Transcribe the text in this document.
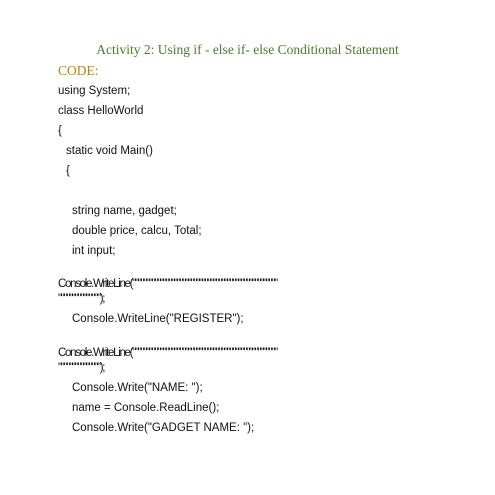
Activity 2: Using if - else if- else Conditional Statement
CODE:
using System;
class HelloWorld
{
static void Main()
{
string name, gadget;
double price, calcu, Total;
int input;
Console.WriteLine(""""""""""""""""""""""""""""""""""""""""""""""""""""
""""""""""""""");
Console.WriteLine("REGISTER");
Console.WriteLine(""""""""""""""""""""""""""""""""""""""""""""""""""""
""""""""""""""");
Console.Write("NAME: ");
name = Console.ReadLine();
Console.Write("GADGET NAME: ");
